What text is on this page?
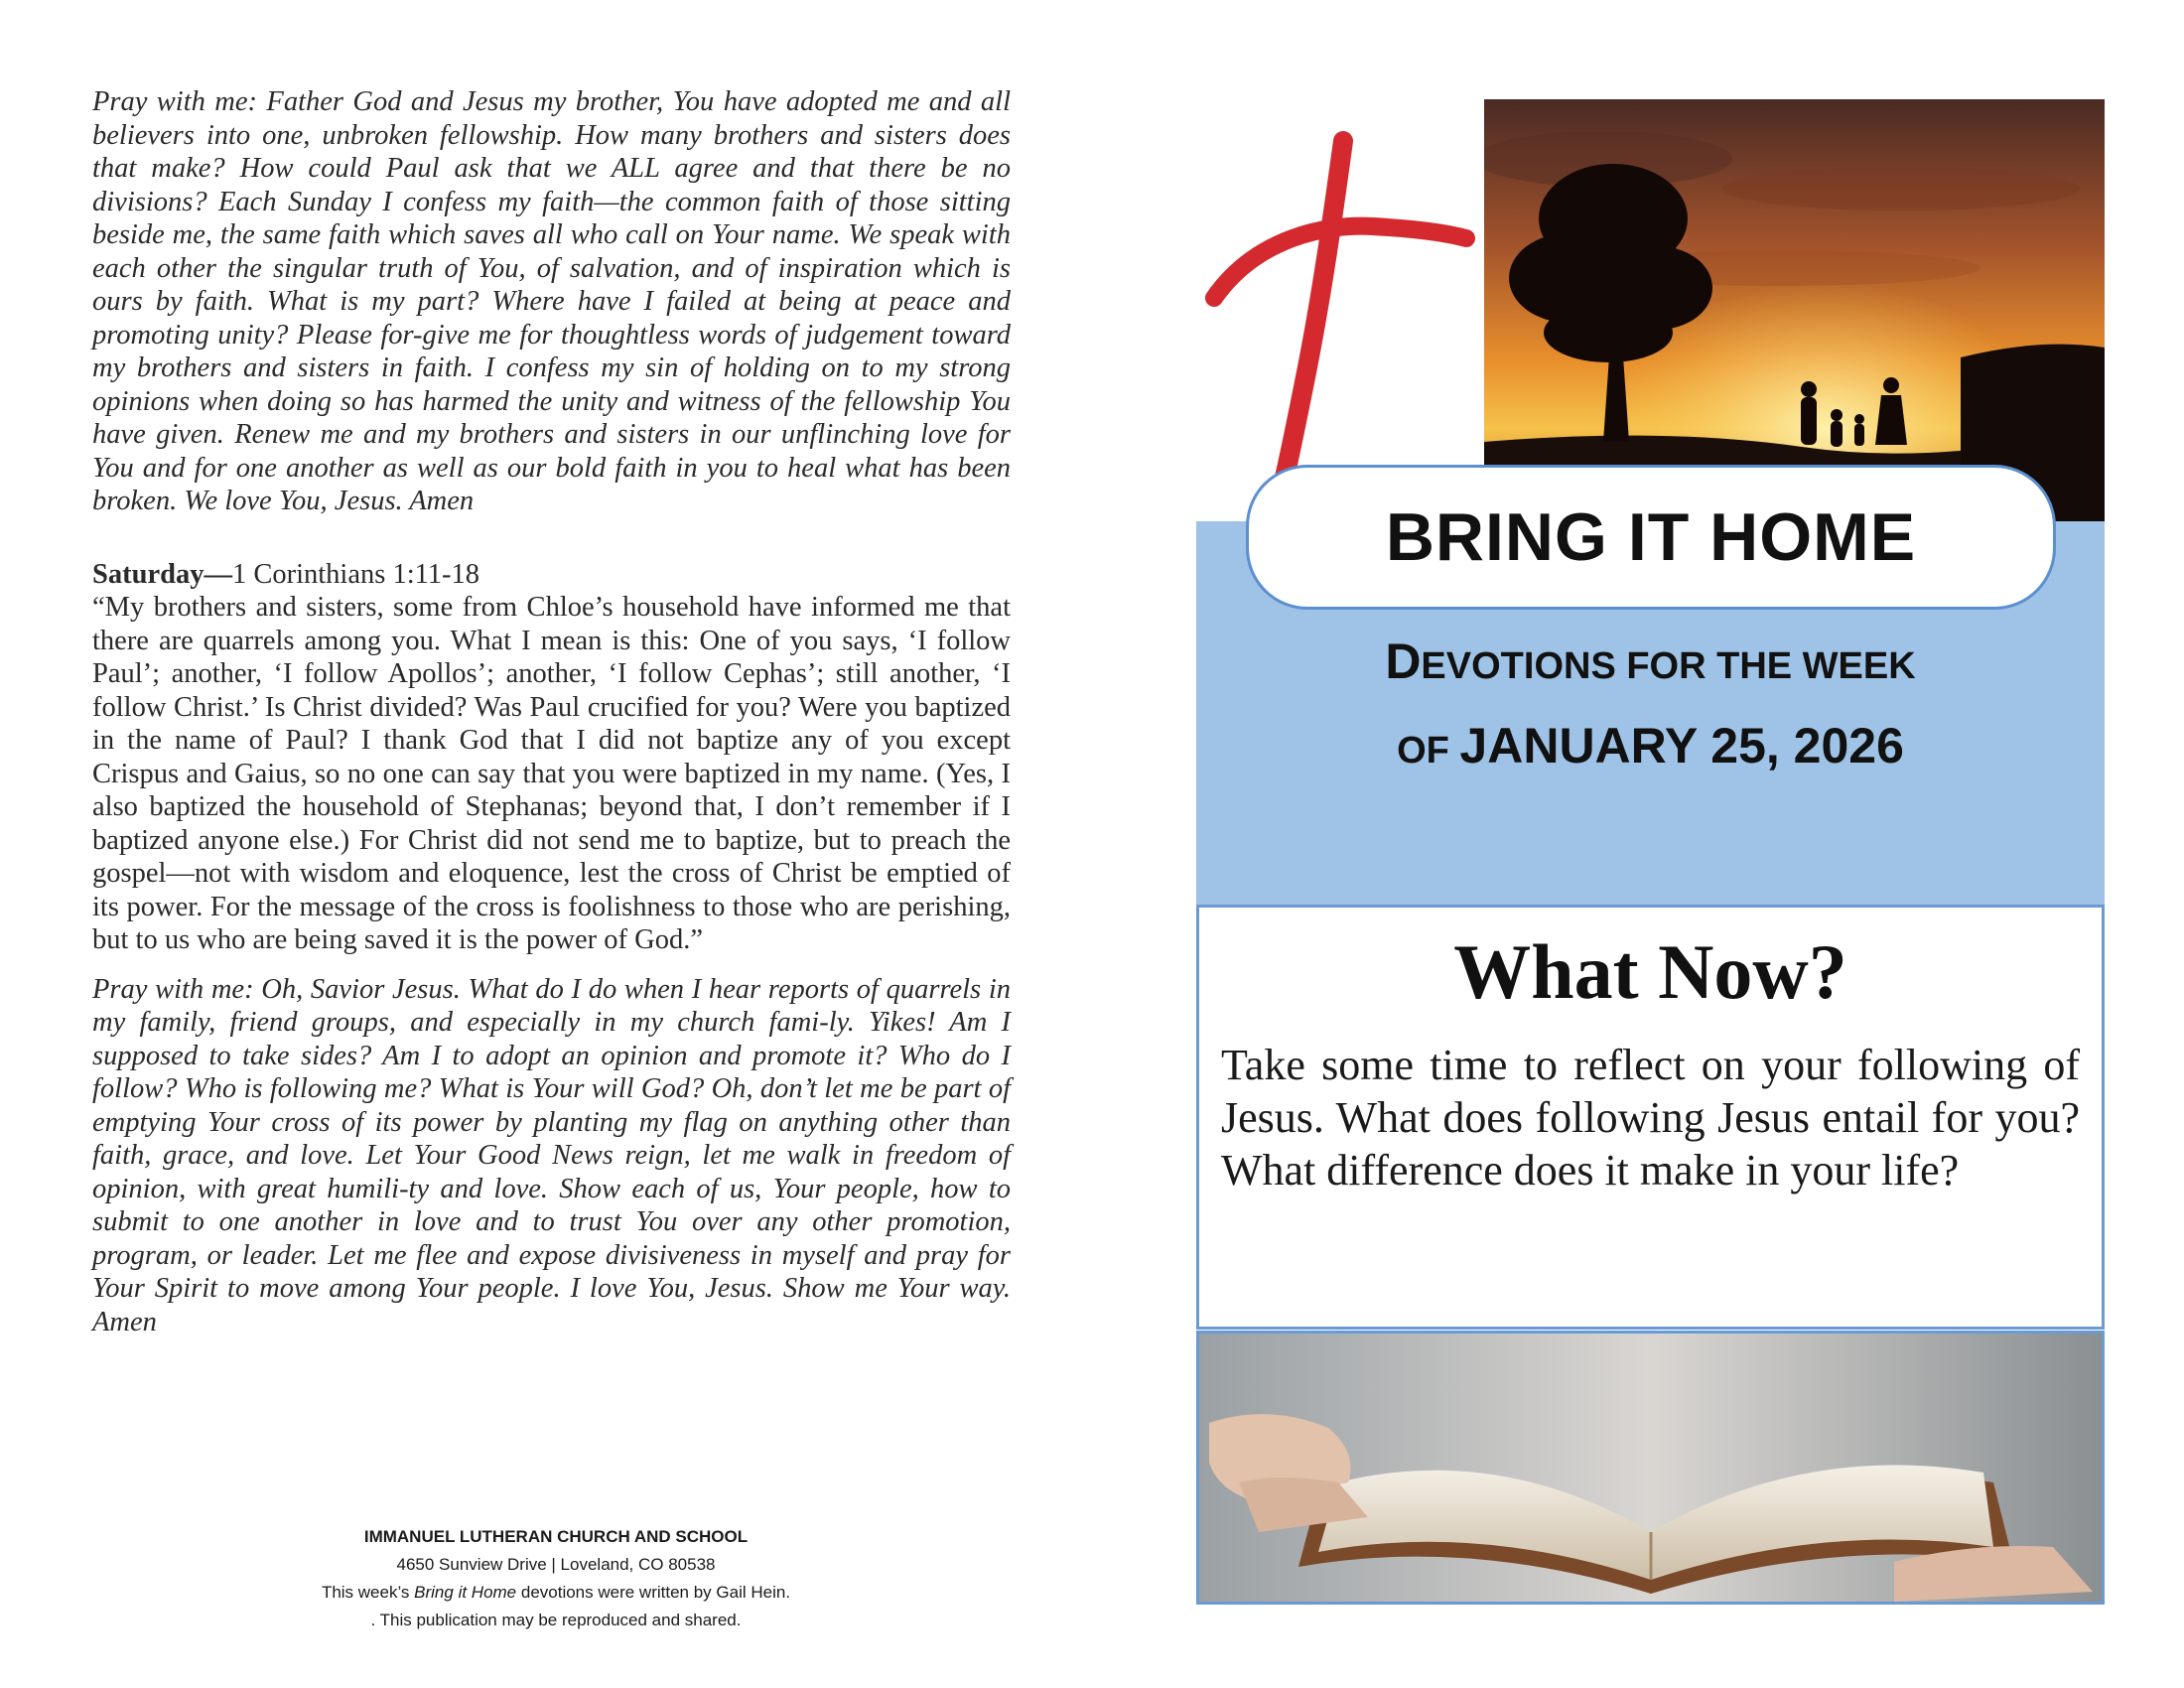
Pray with me: Father God and Jesus my brother, You have adopted me and all believers into one, unbroken fellowship. How many brothers and sisters does that make? How could Paul ask that we ALL agree and that there be no divisions? Each Sunday I confess my faith—the common faith of those sitting beside me, the same faith which saves all who call on Your name. We speak with each other the singular truth of You, of salvation, and of inspiration which is ours by faith. What is my part? Where have I failed at being at peace and promoting unity? Please for-give me for thoughtless words of judgement toward my brothers and sisters in faith. I confess my sin of holding on to my strong opinions when doing so has harmed the unity and witness of the fellowship You have given. Renew me and my brothers and sisters in our unflinching love for You and for one another as well as our bold faith in you to heal what has been broken. We love You, Jesus. Amen

Saturday—1 Corinthians 1:11-18

“My brothers and sisters, some from Chloe’s household have informed me that there are quarrels among you. What I mean is this: One of you says, ‘I follow Paul’; another, ‘I follow Apollos’; another, ‘I follow Cephas’; still another, ‘I follow Christ.’ Is Christ divided? Was Paul crucified for you? Were you baptized in the name of Paul? I thank God that I did not baptize any of you except Crispus and Gaius, so no one can say that you were baptized in my name. (Yes, I also baptized the household of Stephanas; beyond that, I don’t remember if I baptized anyone else.) For Christ did not send me to baptize, but to preach the gospel—not with wisdom and eloquence, lest the cross of Christ be emptied of its power. For the message of the cross is foolishness to those who are perishing, but to us who are being saved it is the power of God.”

Pray with me: Oh, Savior Jesus. What do I do when I hear reports of quarrels in my family, friend groups, and especially in my church fami-ly. Yikes! Am I supposed to take sides? Am I to adopt an opinion and promote it? Who do I follow? Who is following me? What is Your will God? Oh, don’t let me be part of emptying Your cross of its power by planting my flag on anything other than faith, grace, and love. Let Your Good News reign, let me walk in freedom of opinion, with great humili-ty and love. Show each of us, Your people, how to submit to one another in love and to trust You over any other promotion, program, or leader. Let me flee and expose divisiveness in myself and pray for Your Spirit to move among Your people. I love You, Jesus. Show me Your way. Amen

IMMANUEL LUTHERAN CHURCH AND SCHOOL
4650 Sunview Drive | Loveland, CO 80538
This week’s Bring it Home devotions were written by Gail Hein.
. This publication may be reproduced and shared.
BRING IT HOME
DEVOTIONS FOR THE WEEK
OF JANUARY 25, 2026
What Now?
Take some time to reflect on your following of Jesus. What does following Jesus entail for you? What difference does it make in your life?
